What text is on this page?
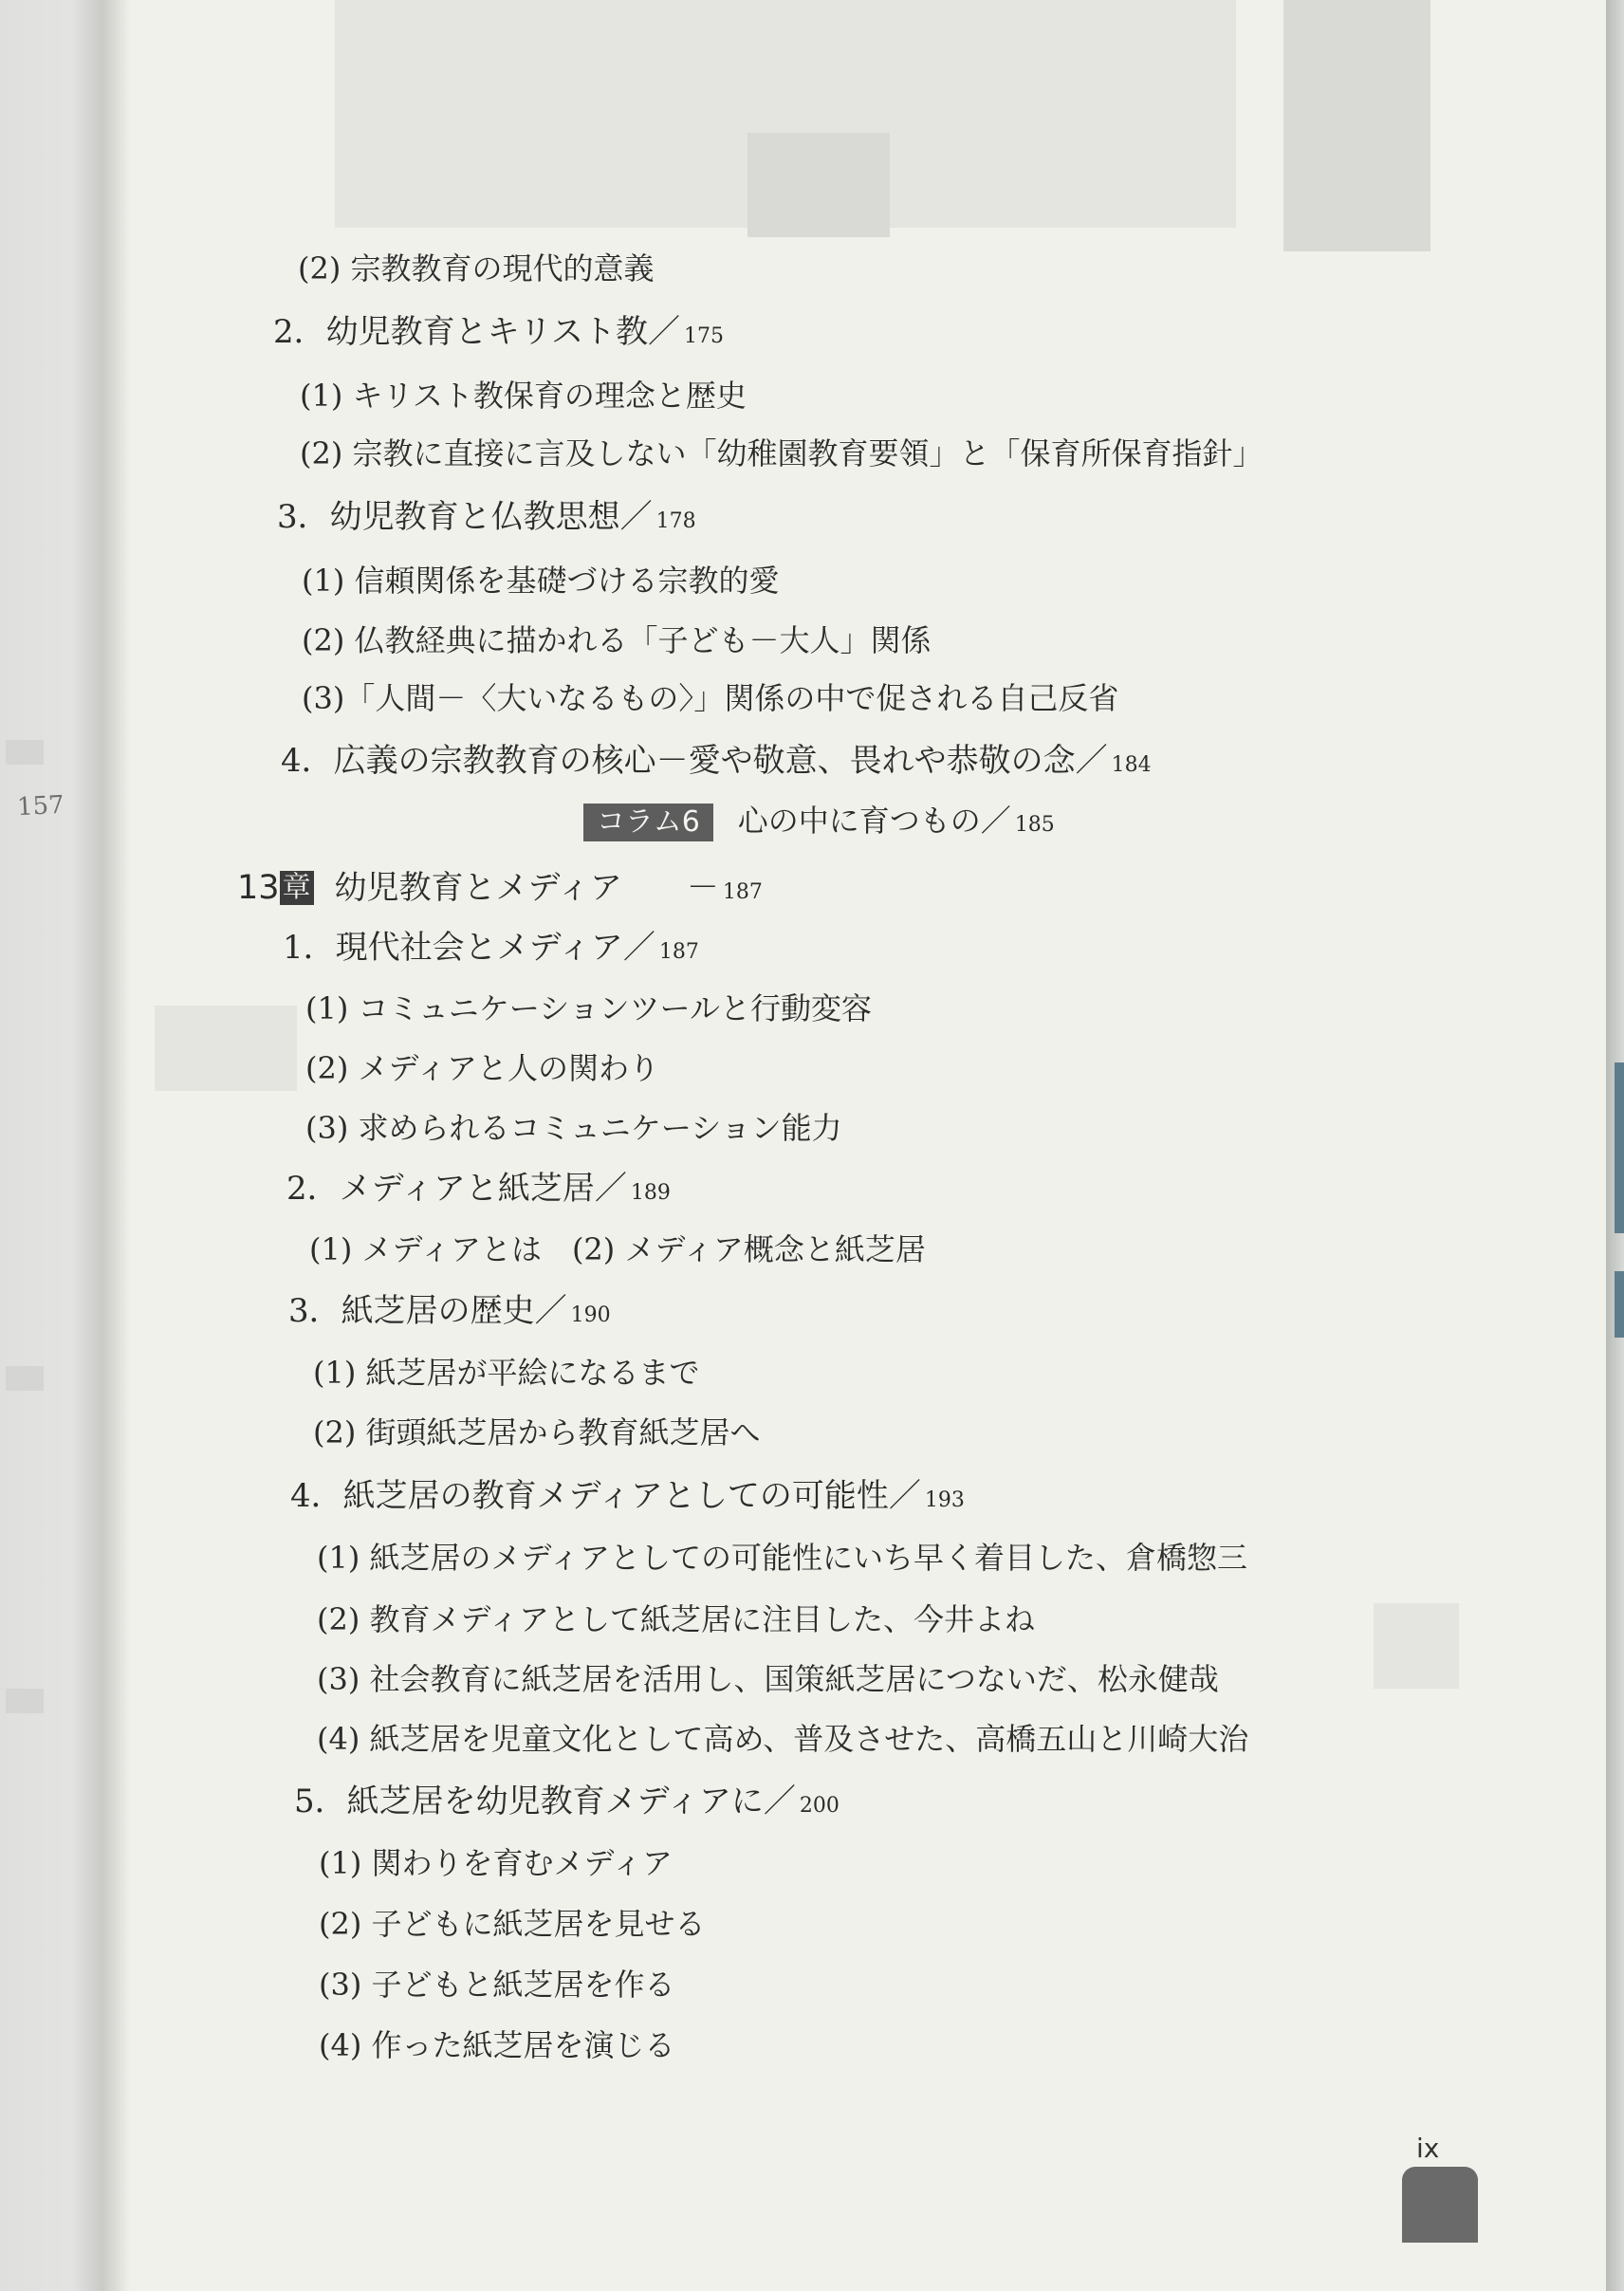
157
(2) 宗教教育の現代的意義
2．幼児教育とキリスト教／ 175
(1) キリスト教保育の理念と歴史
(2) 宗教に直接に言及しない「幼稚園教育要領」と「保育所保育指針」
3．幼児教育と仏教思想／ 178
(1) 信頼関係を基礎づける宗教的愛
(2) 仏教経典に描かれる「子ども－大人」関係
(3)「人間－〈大いなるもの〉」関係の中で促される自己反省
4．広義の宗教教育の核心－愛や敬意、畏れや恭敬の念／ 184
コラム6 心の中に育つもの／ 185
13 章 幼児教育とメディア　　－ 187
1．現代社会とメディア／ 187
(1) コミュニケーションツールと行動変容
(2) メディアと人の関わり
(3) 求められるコミュニケーション能力
2．メディアと紙芝居／ 189
(1) メディアとは　(2) メディア概念と紙芝居
3．紙芝居の歴史／ 190
(1) 紙芝居が平絵になるまで
(2) 街頭紙芝居から教育紙芝居へ
4．紙芝居の教育メディアとしての可能性／ 193
(1) 紙芝居のメディアとしての可能性にいち早く着目した、倉橋惣三
(2) 教育メディアとして紙芝居に注目した、今井よね
(3) 社会教育に紙芝居を活用し、国策紙芝居につないだ、松永健哉
(4) 紙芝居を児童文化として高め、普及させた、高橋五山と川崎大治
5．紙芝居を幼児教育メディアに／ 200
(1) 関わりを育むメディア
(2) 子どもに紙芝居を見せる
(3) 子どもと紙芝居を作る
(4) 作った紙芝居を演じる
ix
